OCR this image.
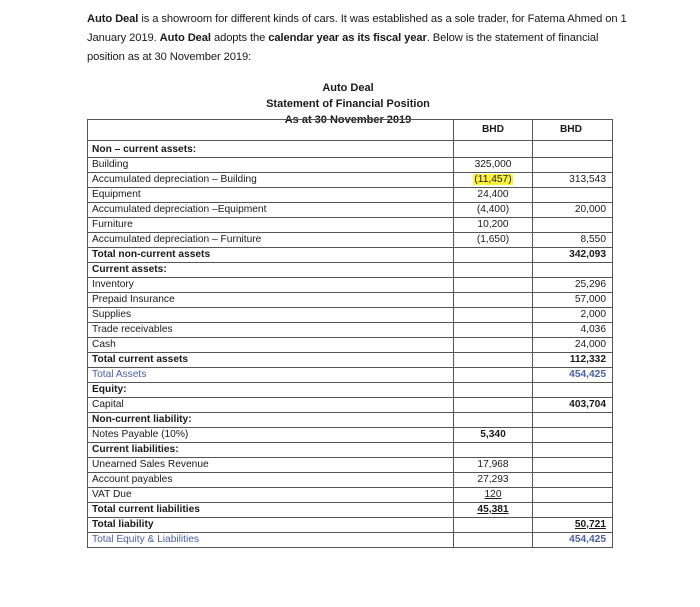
Auto Deal is a showroom for different kinds of cars. It was established as a sole trader, for Fatema Ahmed on 1 January 2019. Auto Deal adopts the calendar year as its fiscal year. Below is the statement of financial position as at 30 November 2019:
Auto Deal
Statement of Financial Position
As at 30 November 2019
	BHD	BHD
Non – current assets:		
Building	325,000	
Accumulated depreciation – Building	(11,457)	313,543
Equipment	24,400	
Accumulated depreciation –Equipment	(4,400)	20,000
Furniture	10,200	
Accumulated depreciation – Furniture	(1,650)	8,550
Total non-current assets		342,093
Current assets:		
Inventory		25,296
Prepaid Insurance		57,000
Supplies		2,000
Trade receivables		4,036
Cash		24,000
Total current assets		112,332
Total Assets		454,425
Equity:		
Capital		403,704
Non-current liability:		
Notes Payable (10%)	5,340	
Current liabilities:		
Unearned Sales Revenue	17,968	
Account payables	27,293	
VAT Due	120	
Total current liabilities	45,381	
Total liability		50,721
Total Equity & Liabilities		454,425
